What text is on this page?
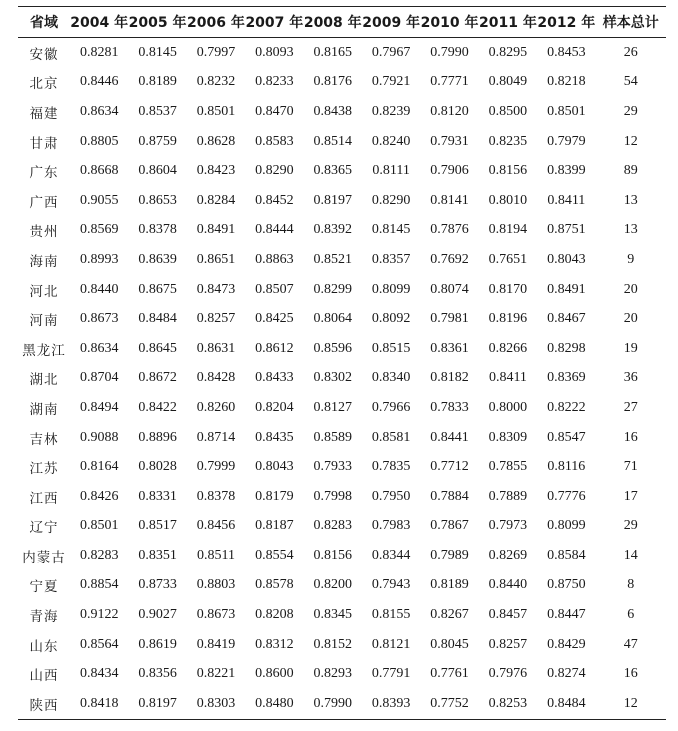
省域	2004 年	2005 年	2006 年	2007 年	2008 年	2009 年	2010 年	2011 年	2012 年	样本总计
安徽	0.8281	0.8145	0.7997	0.8093	0.8165	0.7967	0.7990	0.8295	0.8453	26
北京	0.8446	0.8189	0.8232	0.8233	0.8176	0.7921	0.7771	0.8049	0.8218	54
福建	0.8634	0.8537	0.8501	0.8470	0.8438	0.8239	0.8120	0.8500	0.8501	29
甘肃	0.8805	0.8759	0.8628	0.8583	0.8514	0.8240	0.7931	0.8235	0.7979	12
广东	0.8668	0.8604	0.8423	0.8290	0.8365	0.8111	0.7906	0.8156	0.8399	89
广西	0.9055	0.8653	0.8284	0.8452	0.8197	0.8290	0.8141	0.8010	0.8411	13
贵州	0.8569	0.8378	0.8491	0.8444	0.8392	0.8145	0.7876	0.8194	0.8751	13
海南	0.8993	0.8639	0.8651	0.8863	0.8521	0.8357	0.7692	0.7651	0.8043	9
河北	0.8440	0.8675	0.8473	0.8507	0.8299	0.8099	0.8074	0.8170	0.8491	20
河南	0.8673	0.8484	0.8257	0.8425	0.8064	0.8092	0.7981	0.8196	0.8467	20
黑龙江	0.8634	0.8645	0.8631	0.8612	0.8596	0.8515	0.8361	0.8266	0.8298	19
湖北	0.8704	0.8672	0.8428	0.8433	0.8302	0.8340	0.8182	0.8411	0.8369	36
湖南	0.8494	0.8422	0.8260	0.8204	0.8127	0.7966	0.7833	0.8000	0.8222	27
吉林	0.9088	0.8896	0.8714	0.8435	0.8589	0.8581	0.8441	0.8309	0.8547	16
江苏	0.8164	0.8028	0.7999	0.8043	0.7933	0.7835	0.7712	0.7855	0.8116	71
江西	0.8426	0.8331	0.8378	0.8179	0.7998	0.7950	0.7884	0.7889	0.7776	17
辽宁	0.8501	0.8517	0.8456	0.8187	0.8283	0.7983	0.7867	0.7973	0.8099	29
内蒙古	0.8283	0.8351	0.8511	0.8554	0.8156	0.8344	0.7989	0.8269	0.8584	14
宁夏	0.8854	0.8733	0.8803	0.8578	0.8200	0.7943	0.8189	0.8440	0.8750	8
青海	0.9122	0.9027	0.8673	0.8208	0.8345	0.8155	0.8267	0.8457	0.8447	6
山东	0.8564	0.8619	0.8419	0.8312	0.8152	0.8121	0.8045	0.8257	0.8429	47
山西	0.8434	0.8356	0.8221	0.8600	0.8293	0.7791	0.7761	0.7976	0.8274	16
陕西	0.8418	0.8197	0.8303	0.8480	0.7990	0.8393	0.7752	0.8253	0.8484	12
